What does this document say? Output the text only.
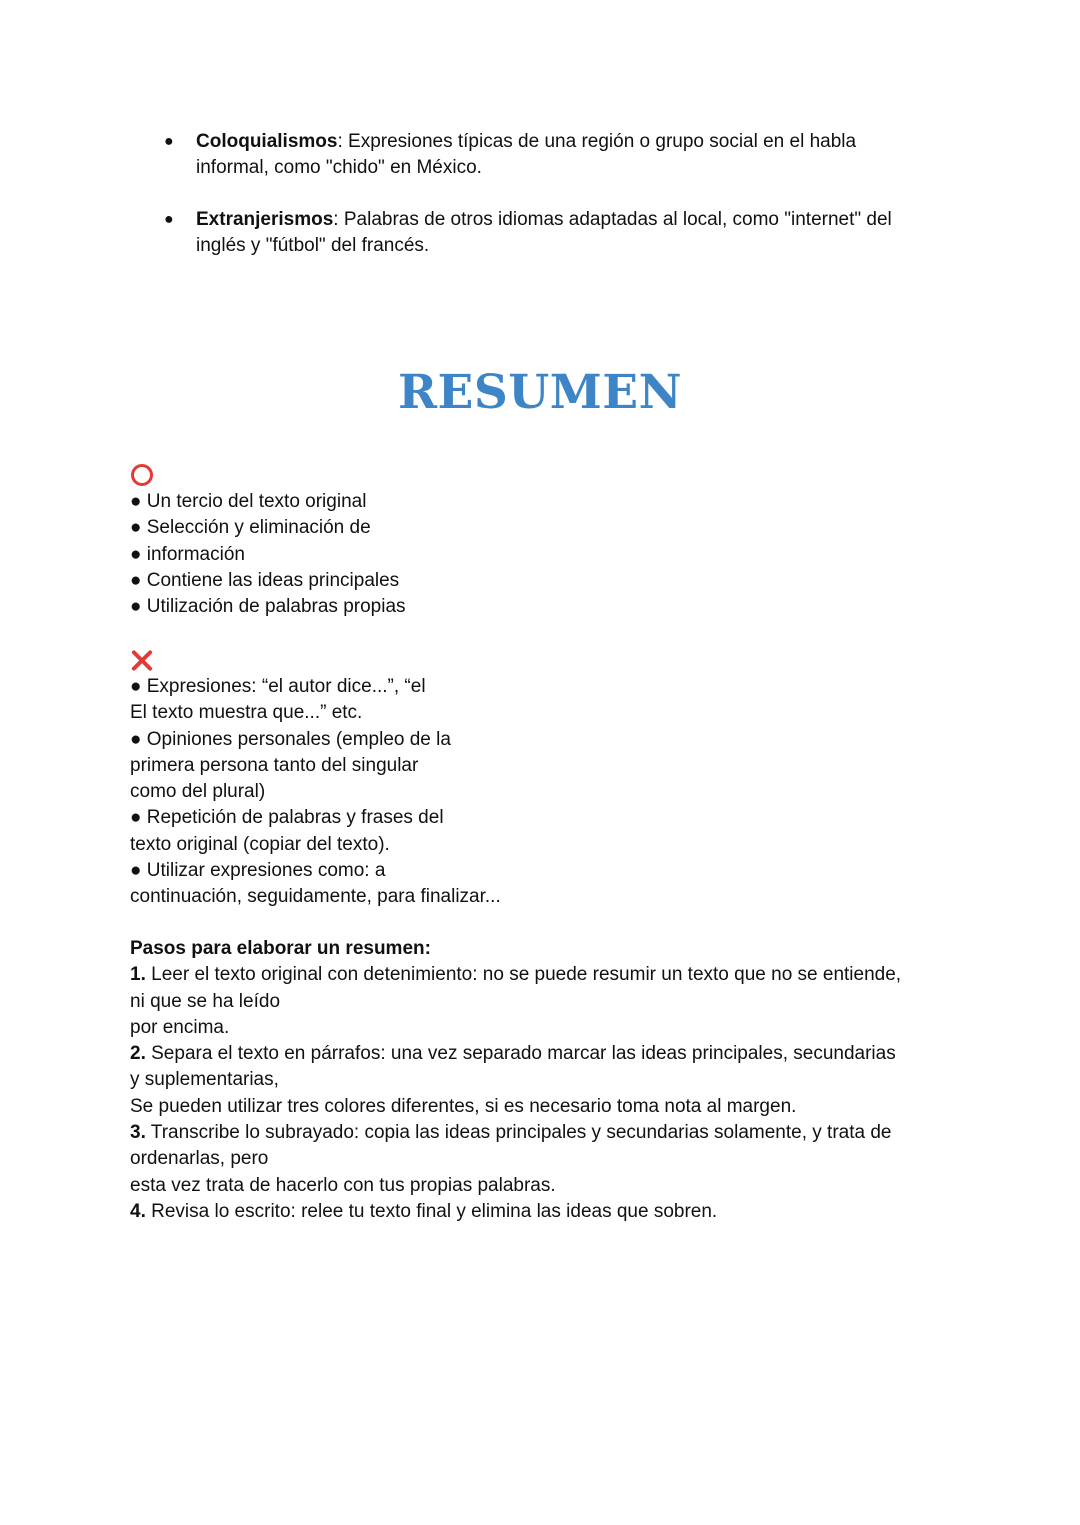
● Coloquialismos: Expresiones típicas de una región o grupo social en el habla
informal, como "chido" en México.
● Extranjerismos: Palabras de otros idiomas adaptadas al local, como "internet" del
inglés y "fútbol" del francés.
RESUMEN
● Un tercio del texto original
● Selección y eliminación de
● información
● Contiene las ideas principales
● Utilización de palabras propias
● Expresiones: “el autor dice...”, “el
El texto muestra que...” etc.
● Opiniones personales (empleo de la
primera persona tanto del singular
como del plural)
● Repetición de palabras y frases del
texto original (copiar del texto).
● Utilizar expresiones como: a
continuación, seguidamente, para finalizar...
Pasos para elaborar un resumen:
1. Leer el texto original con detenimiento: no se puede resumir un texto que no se entiende,
ni que se ha leído
por encima.
2. Separa el texto en párrafos: una vez separado marcar las ideas principales, secundarias
y suplementarias,
Se pueden utilizar tres colores diferentes, si es necesario toma nota al margen.
3. Transcribe lo subrayado: copia las ideas principales y secundarias solamente, y trata de
ordenarlas, pero
esta vez trata de hacerlo con tus propias palabras.
4. Revisa lo escrito: relee tu texto final y elimina las ideas que sobren.
